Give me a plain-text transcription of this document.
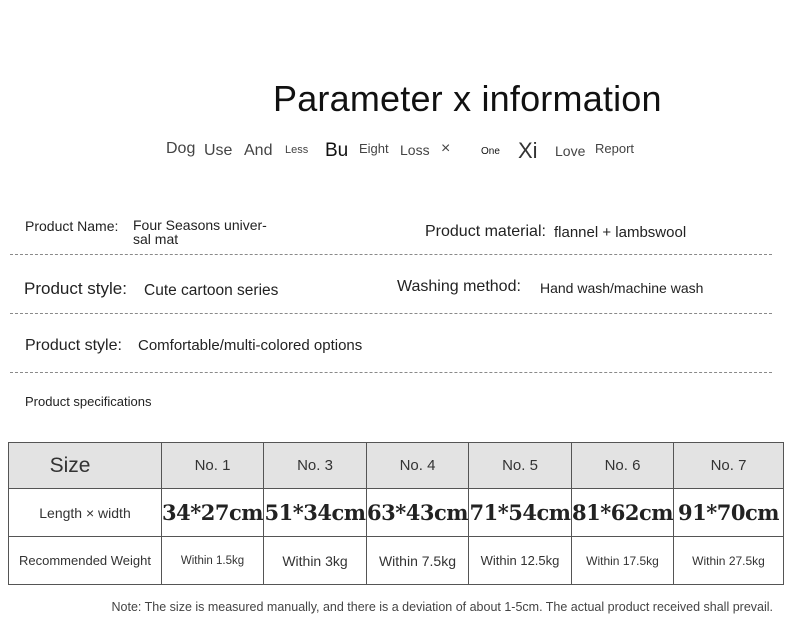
Parameter x information
Dog Use And Less Bu Eight Loss ×	One Xi Love Report
Product Name: Four Seasons univer-
sal mat	Product material: flannel + lambswool
Product style: Cute cartoon series	Washing method: Hand wash/machine wash
Product style: Comfortable/multi-colored options
Product specifications
Size	No. 1	No. 3	No. 4	No. 5	No. 6	No. 7
Length × width	34*27cm	51*34cm	63*43cm	71*54cm	81*62cm	91*70cm
Recommended Weight	Within 1.5kg	Within 3kg	Within 7.5kg	Within 12.5kg	Within 17.5kg	Within 27.5kg
Note: The size is measured manually, and there is a deviation of about 1-5cm. The actual product received shall prevail.
